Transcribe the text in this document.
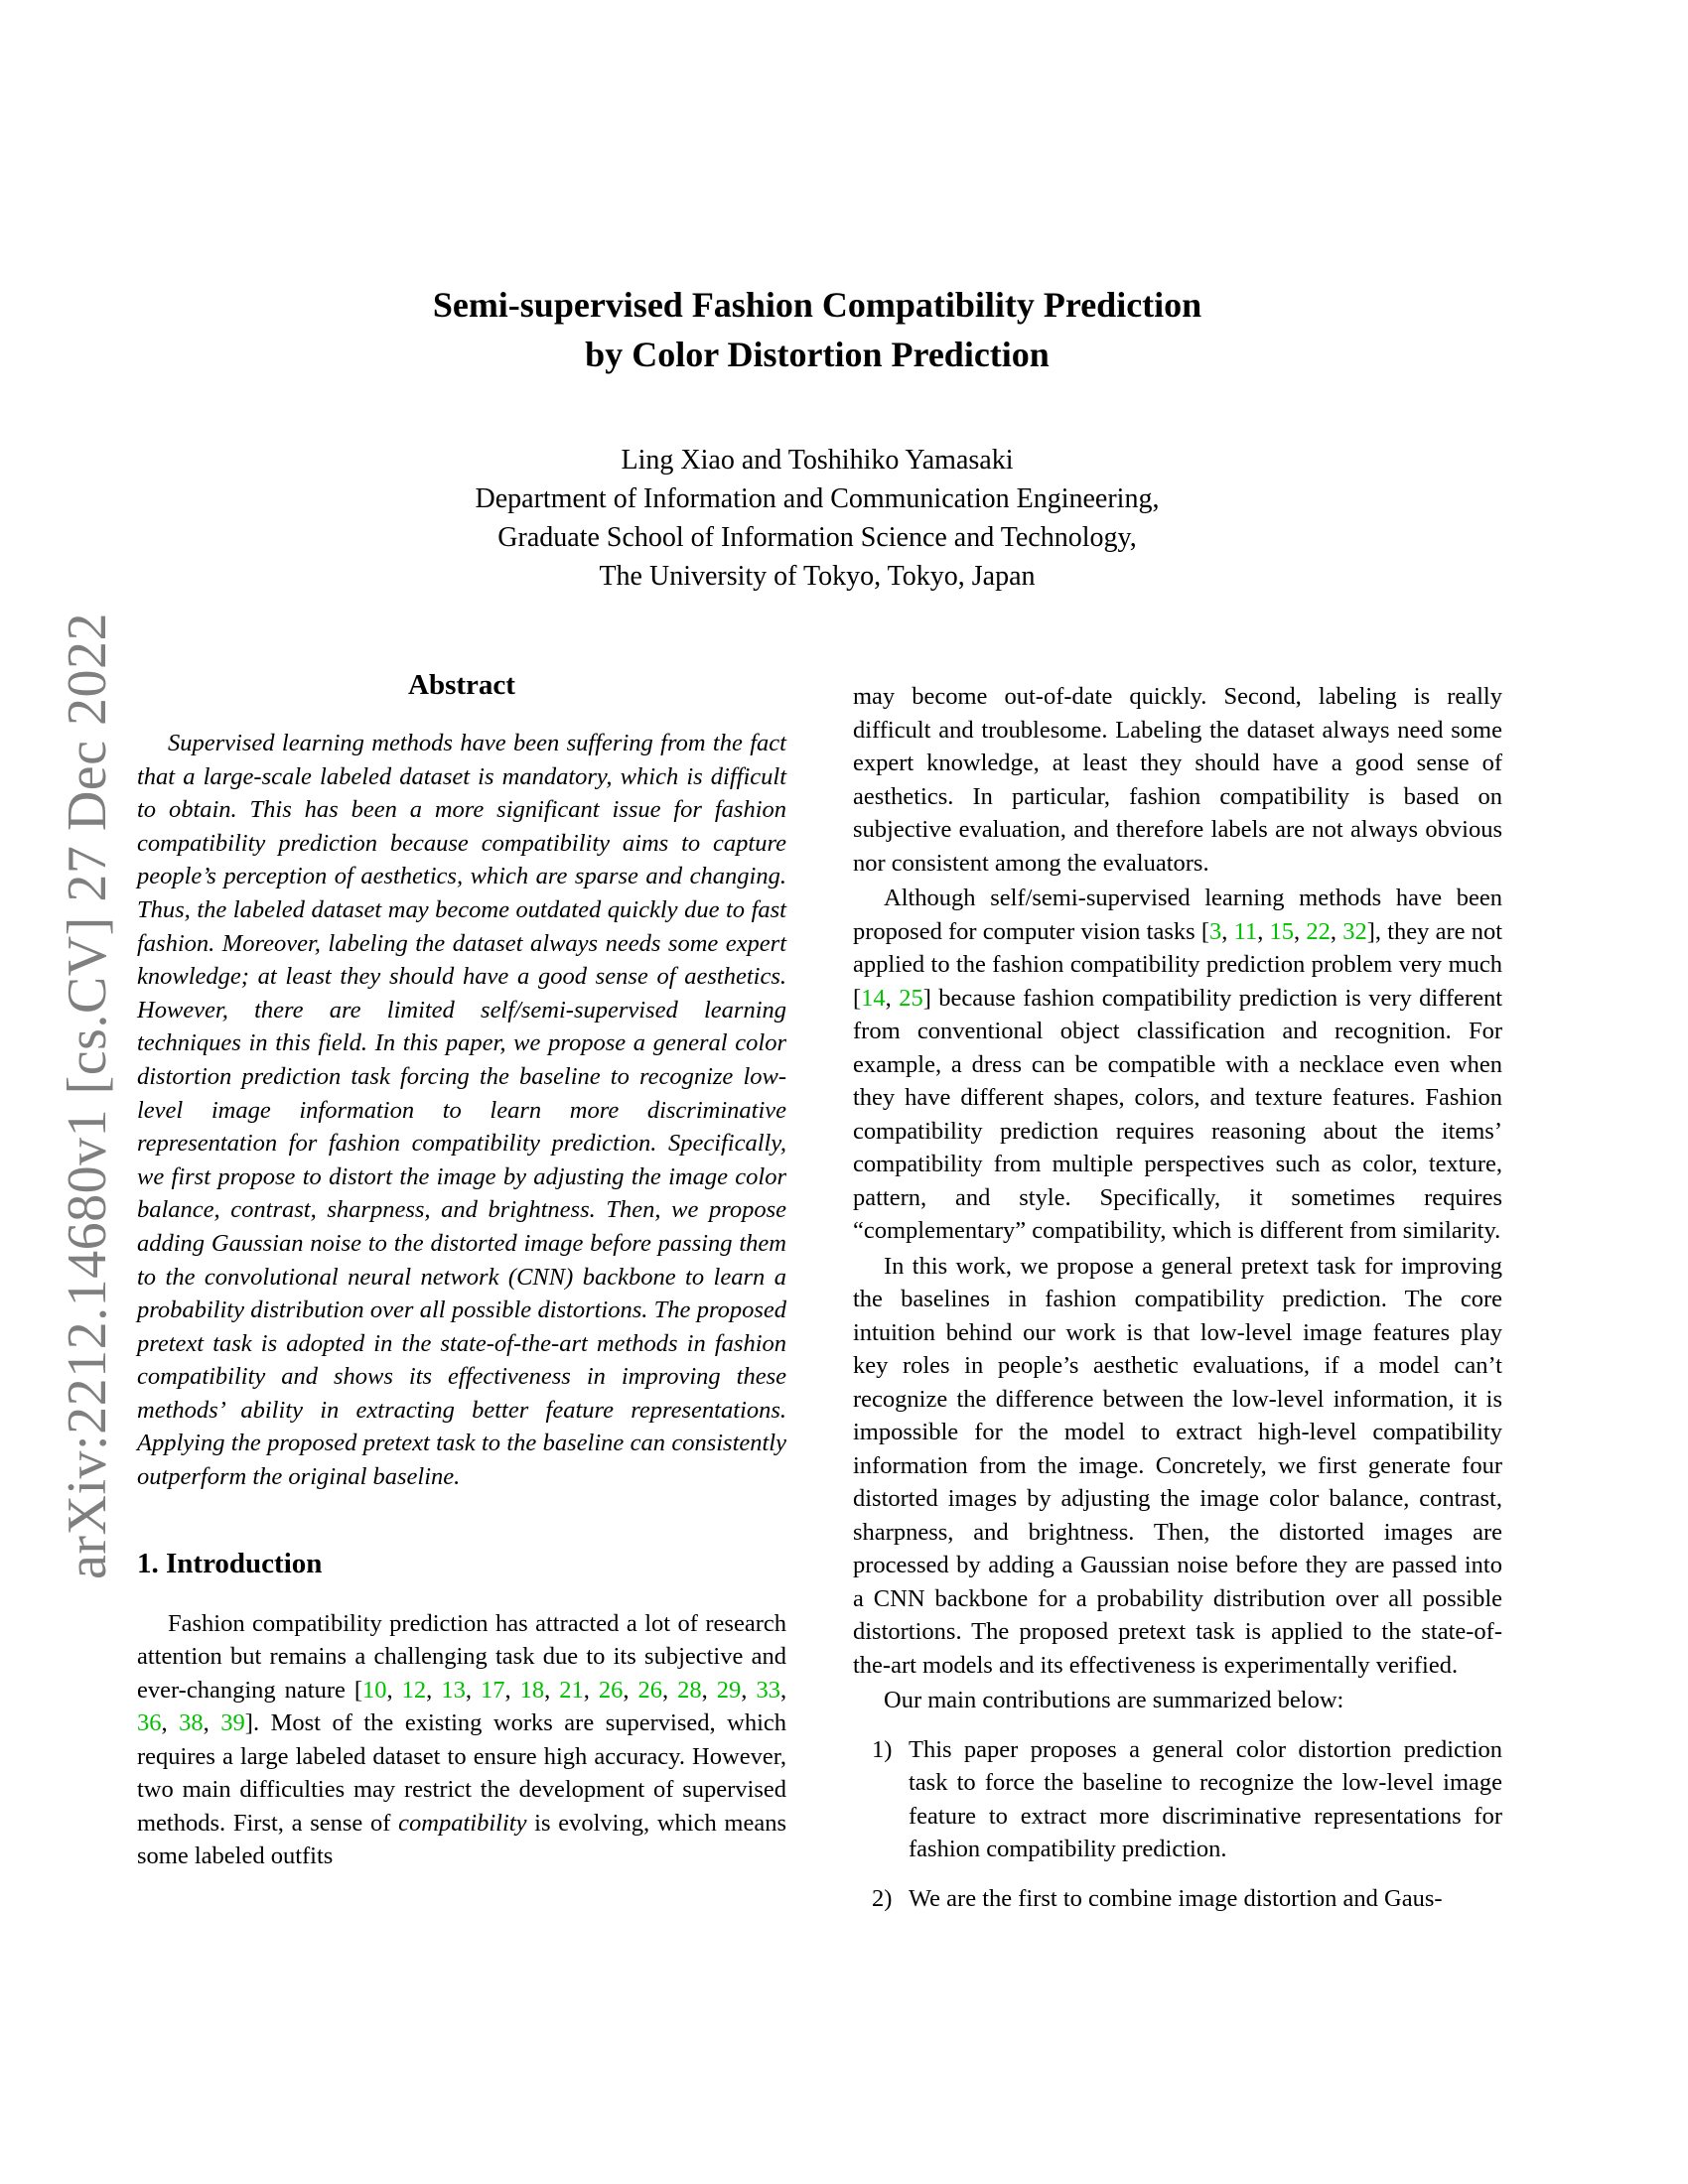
arXiv:2212.14680v1 [cs.CV] 27 Dec 2022
Semi-supervised Fashion Compatibility Prediction
by Color Distortion Prediction
Ling Xiao and Toshihiko Yamasaki
Department of Information and Communication Engineering,
Graduate School of Information Science and Technology,
The University of Tokyo, Tokyo, Japan
Abstract

Supervised learning methods have been suffering from the fact that a large-scale labeled dataset is mandatory, which is difficult to obtain. This has been a more significant issue for fashion compatibility prediction because compatibility aims to capture people’s perception of aesthetics, which are sparse and changing. Thus, the labeled dataset may become outdated quickly due to fast fashion. Moreover, labeling the dataset always needs some expert knowledge; at least they should have a good sense of aesthetics. However, there are limited self/semi-supervised learning techniques in this field. In this paper, we propose a general color distortion prediction task forcing the baseline to recognize low-level image information to learn more discriminative representation for fashion compatibility prediction. Specifically, we first propose to distort the image by adjusting the image color balance, contrast, sharpness, and brightness. Then, we propose adding Gaussian noise to the distorted image before passing them to the convolutional neural network (CNN) backbone to learn a probability distribution over all possible distortions. The proposed pretext task is adopted in the state-of-the-art methods in fashion compatibility and shows its effectiveness in improving these methods’ ability in extracting better feature representations. Applying the proposed pretext task to the baseline can consistently outperform the original baseline.

1. Introduction

Fashion compatibility prediction has attracted a lot of research attention but remains a challenging task due to its subjective and ever-changing nature [10, 12, 13, 17, 18, 21, 26, 26, 28, 29, 33, 36, 38, 39]. Most of the existing works are supervised, which requires a large labeled dataset to ensure high accuracy. However, two main difficulties may restrict the development of supervised methods. First, a sense of compatibility is evolving, which means some labeled outfits

may become out-of-date quickly. Second, labeling is really difficult and troublesome. Labeling the dataset always need some expert knowledge, at least they should have a good sense of aesthetics. In particular, fashion compatibility is based on subjective evaluation, and therefore labels are not always obvious nor consistent among the evaluators.

Although self/semi-supervised learning methods have been proposed for computer vision tasks [3, 11, 15, 22, 32], they are not applied to the fashion compatibility prediction problem very much [14, 25] because fashion compatibility prediction is very different from conventional object classification and recognition. For example, a dress can be compatible with a necklace even when they have different shapes, colors, and texture features. Fashion compatibility prediction requires reasoning about the items’ compatibility from multiple perspectives such as color, texture, pattern, and style. Specifically, it sometimes requires “complementary” compatibility, which is different from similarity.

In this work, we propose a general pretext task for improving the baselines in fashion compatibility prediction. The core intuition behind our work is that low-level image features play key roles in people’s aesthetic evaluations, if a model can’t recognize the difference between the low-level information, it is impossible for the model to extract high-level compatibility information from the image. Concretely, we first generate four distorted images by adjusting the image color balance, contrast, sharpness, and brightness. Then, the distorted images are processed by adding a Gaussian noise before they are passed into a CNN backbone for a probability distribution over all possible distortions. The proposed pretext task is applied to the state-of-the-art models and its effectiveness is experimentally verified.

Our main contributions are summarized below:

1) This paper proposes a general color distortion prediction task to force the baseline to recognize the low-level image feature to extract more discriminative representations for fashion compatibility prediction.
2) We are the first to combine image distortion and Gaus-
